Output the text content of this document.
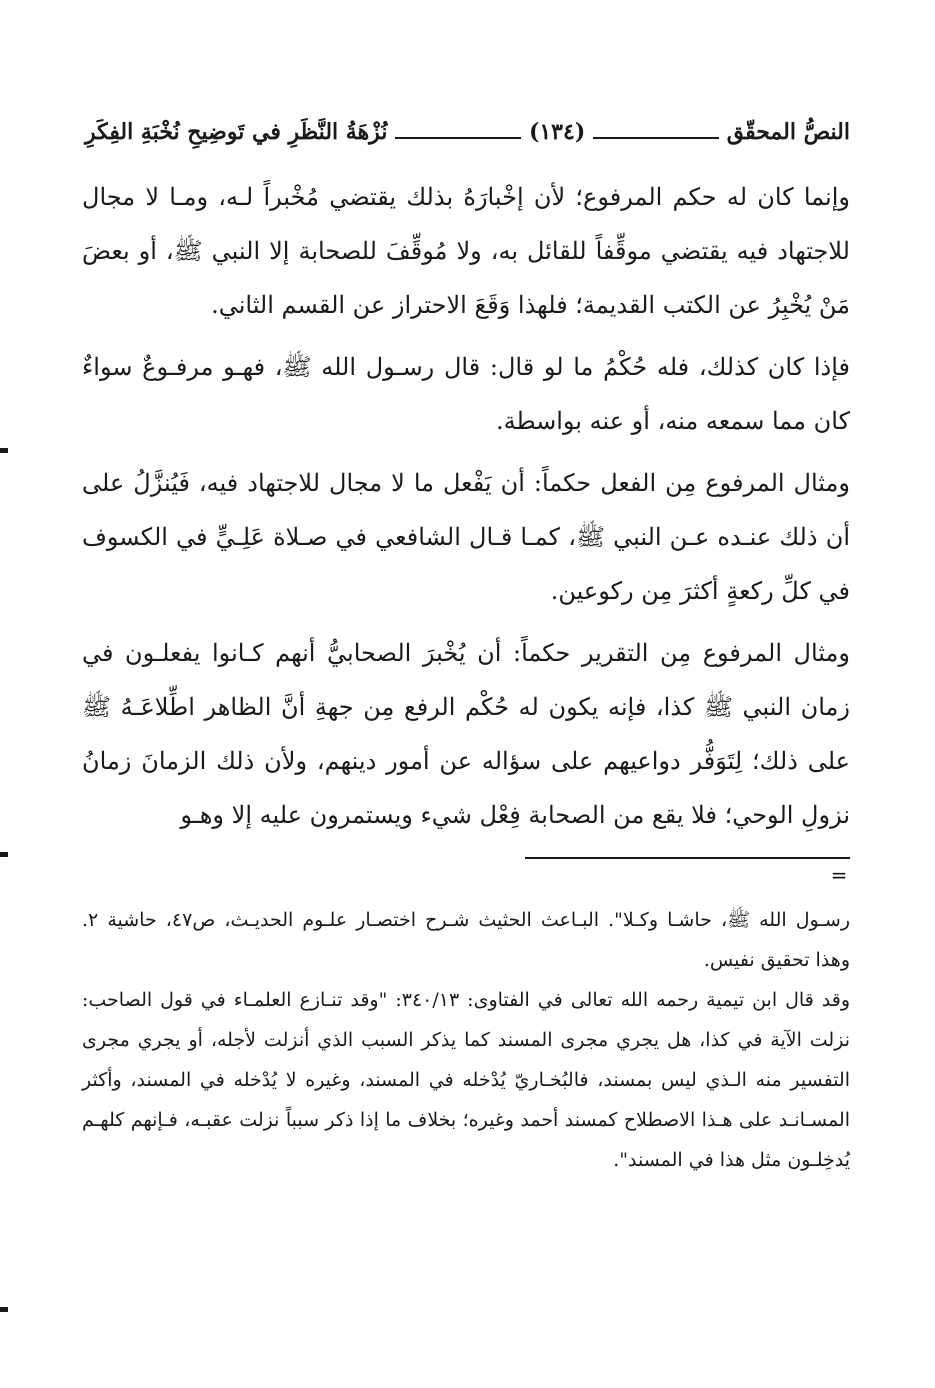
النصُّ المحقّق
(١٣٤)
نُزْهَةُ النَّظَرِ في تَوضِيحِ نُخْبَةِ الفِكَرِ

وإنما كان له حكم المرفوع؛ لأن إخْبارَهُ بذلك يقتضي مُخْبراً لـه، ومـا لا مجال للاجتهاد فيه يقتضي موقِّفاً للقائل به، ولا مُوقِّفَ للصحابة إلا النبي ﷺ، أو بعضَ مَنْ يُخْبِرُ عن الكتب القديمة؛ فلهذا وَقَعَ الاحتراز عن القسم الثاني.

فإذا كان كذلك، فله حُكْمُ ما لو قال: قال رسـول الله ﷺ، فهـو مرفـوعٌ سواءٌ كان مما سمعه منه، أو عنه بواسطة.

ومثال المرفوع مِن الفعل حكماً: أن يَفْعل ما لا مجال للاجتهاد فيه، فَيُنزَّلُ على أن ذلك عنـده عـن النبي ﷺ، كمـا قـال الشافعي في صـلاة عَلِـيٍّ في الكسوف في كلِّ ركعةٍ أكثرَ مِن ركوعين.

ومثال المرفوع مِن التقرير حكماً: أن يُخْبرَ الصحابيُّ أنهم كـانوا يفعلـون في زمان النبي ﷺ كذا، فإنه يكون له حُكْم الرفع مِن جهةِ أنَّ الظاهر اطِّلاعَـهُ ﷺ على ذلك؛ لِتَوَفُّر دواعيهم على سؤاله عن أمور دينهم، ولأن ذلك الزمانَ زمانُ نزولِ الوحي؛ فلا يقع من الصحابة فِعْل شيء ويستمرون عليه إلا وهـو

=

رسـول الله ﷺ، حاشـا وكـلا". البـاعث الحثيث شـرح اختصـار علـوم الحديـث، ص٤٧، حاشية ٢. وهذا تحقيق نفيس.

وقد قال ابن تيمية رحمه الله تعالى في الفتاوى: ٣٤٠/١٣: "وقد تنـازع العلمـاء في قول الصاحب: نزلت الآية في كذا، هل يجري مجرى المسند كما يذكر السبب الذي أنزلت لأجله، أو يجري مجرى التفسير منه الـذي ليس بمسند، فالبُخـاريّ يُدْخله في المسند، وغيره لا يُدْخله في المسند، وأكثر المسـانـد على هـذا الاصطلاح كمسند أحمد وغيره؛ بخلاف ما إذا ذكر سبباً نزلت عقبـه، فـإنهم كلهـم يُدخِلـون مثل هذا في المسند".
